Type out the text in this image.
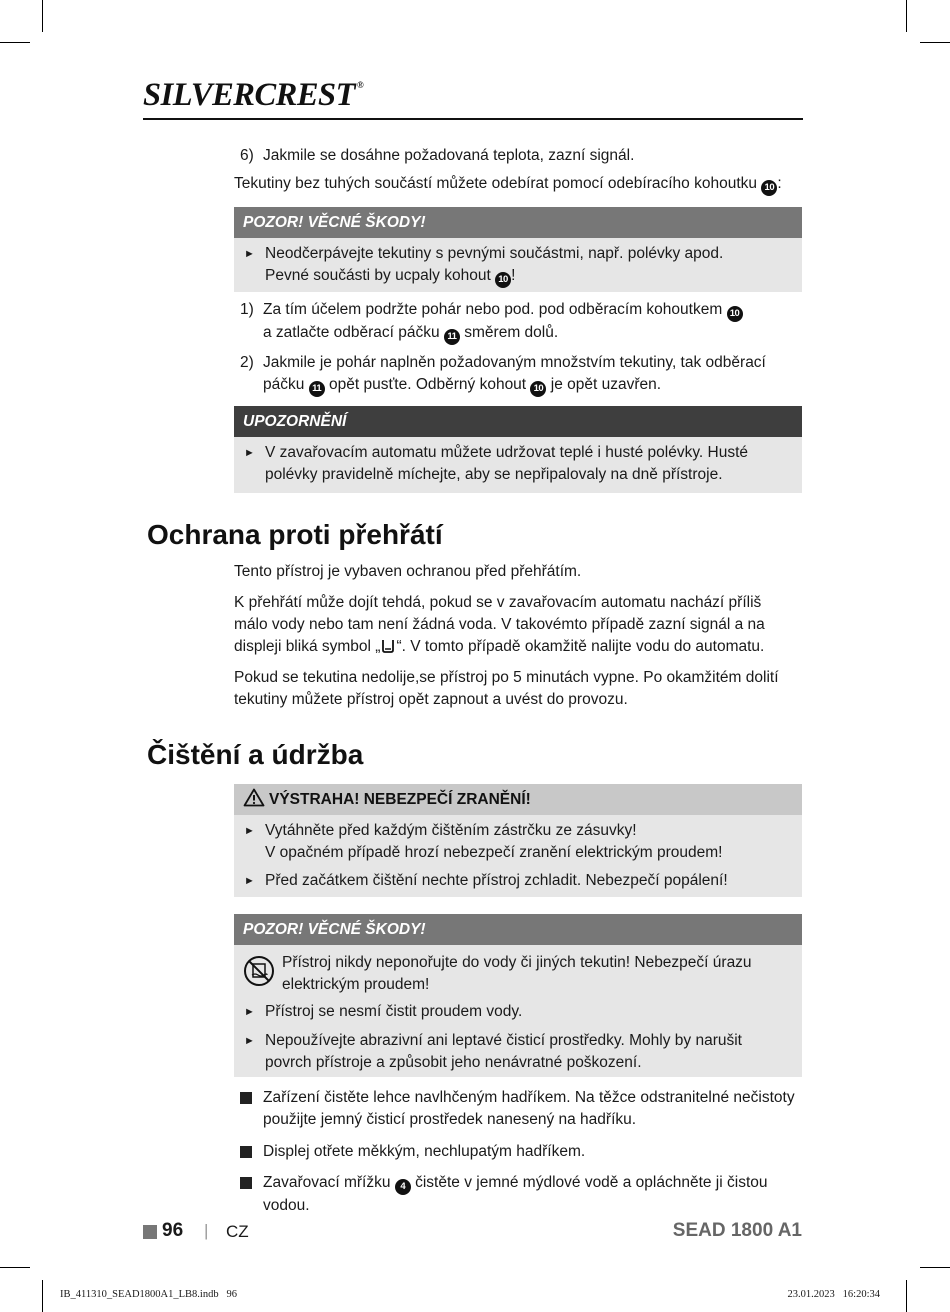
SILVERCREST ®
6) Jakmile se dosáhne požadovaná teplota, zazní signál.
Tekutiny bez tuhých součástí můžete odebírat pomocí odebíracího kohoutku 10 :
POZOR! VĚCNÉ ŠKODY!
► Neodčerpávejte tekutiny s pevnými součástmi, např. polévky apod.
Pevné součásti by ucpaly kohout 10 !
1) Za tím účelem podržte pohár nebo pod. pod odběracím kohoutkem 10
a zatlačte odběrací páčku 11 směrem dolů.
2) Jakmile je pohár naplněn požadovaným množstvím tekutiny, tak odběrací
páčku 11 opět pusťte. Odběrný kohout 10 je opět uzavřen.
UPOZORNĚNÍ
► V zavařovacím automatu můžete udržovat teplé i husté polévky. Husté
polévky pravidelně míchejte, aby se nepřipalovaly na dně přístroje.
Ochrana proti přehřátí
Tento přístroj je vybaven ochranou před přehřátím.
K přehřátí může dojít tehdá, pokud se v zavařovacím automatu nachází příliš
málo vody nebo tam není žádná voda. V takovémto případě zazní signál a na
displeji bliká symbol „ “. V tomto případě okamžitě nalijte vodu do automatu.
Pokud se tekutina nedolije,se přístroj po 5 minutách vypne. Po okamžitém dolití
tekutiny můžete přístroj opět zapnout a uvést do provozu.
Čištění a údržba
VÝSTRAHA! NEBEZPEČÍ ZRANĚNÍ!
► Vytáhněte před každým čištěním zástrčku ze zásuvky!
V opačném případě hrozí nebezpečí zranění elektrickým proudem!
► Před začátkem čištění nechte přístroj zchladit. Nebezpečí popálení!
POZOR! VĚCNÉ ŠKODY!
Přístroj nikdy neponořujte do vody či jiných tekutin! Nebezpečí úrazu
elektrickým proudem!
► Přístroj se nesmí čistit proudem vody.
► Nepoužívejte abrazivní ani leptavé čisticí prostředky. Mohly by narušit
povrch přístroje a způsobit jeho nenávratné poškození.
Zařízení čistěte lehce navlhčeným hadříkem. Na těžce odstranitelné nečistoty
použijte jemný čisticí prostředek nanesený na hadříku.
Displej otřete měkkým, nechlupatým hadříkem.
Zavařovací mřížku 4 čistěte v jemné mýdlové vodě a opláchněte ji čistou vodou.
96 | CZ	SEAD 1800 A1
IB_411310_SEAD1800A1_LB8.indb   96	23.01.2023   16:20:34
